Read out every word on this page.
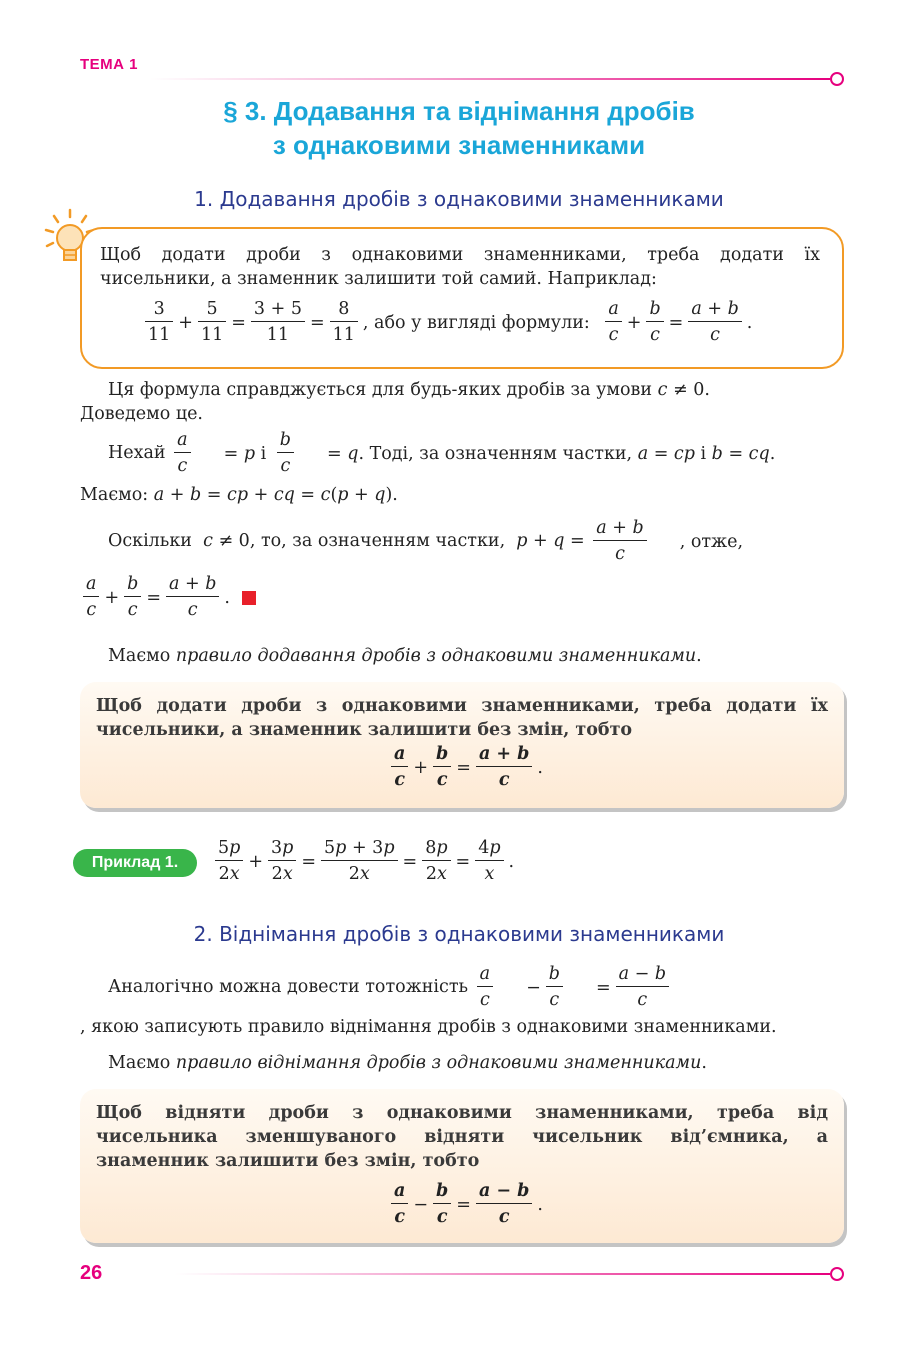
ТЕМА 1
§ 3. Додавання та віднімання дробів
з однаковими знаменниками
1. Додавання дробів з однаковими знаменниками
Щоб додати дроби з однаковими знаменниками, треба додати їх чисельники, а знаменник залишити той самий. Наприклад:
$\frac{3}{11} + \frac{5}{11} = \frac{3 + 5}{11} = \frac{8}{11}$ , або у вигляді формули: $\frac{a}{c} + \frac{b}{c} = \frac{a + b}{c}$ .
Ця формула справджується для будь-яких дробів за умови c ≠ 0.
Доведемо це.
Нехай $\frac{a}{c} = p$ і $\frac{b}{c} = q$. Тоді, за означенням частки, a = cp і b = cq.
Маємо: a + b = cp + cq = c(p + q).
Оскільки c ≠ 0, то, за означенням частки, $p + q = \frac{a + b}{c}$ , отже,
$\frac{a}{c} + \frac{b}{c} = \frac{a + b}{c}$ .
Маємо правило додавання дробів з однаковими знаменниками.
Щоб додати дроби з однаковими знаменниками, треба додати їх чисельники, а знаменник залишити без змін, тобто
$\frac{a}{c} + \frac{b}{c} = \frac{a + b}{c}$ .
Приклад 1.	$\frac{5p}{2x} + \frac{3p}{2x} = \frac{5p + 3p}{2x} = \frac{8p}{2x} = \frac{4p}{x}$ .
2. Віднімання дробів з однаковими знаменниками
Аналогічно можна довести тотожність $\frac{a}{c} - \frac{b}{c} = \frac{a - b}{c}$
, якою записують правило віднімання дробів з однаковими знаменниками.
Маємо правило віднімання дробів з однаковими знаменниками.
Щоб відняти дроби з однаковими знаменниками, треба від чисельника зменшуваного відняти чисельник від’ємника, а знаменник залишити без змін, тобто
$\frac{a}{c} - \frac{b}{c} = \frac{a - b}{c}$ .
26
